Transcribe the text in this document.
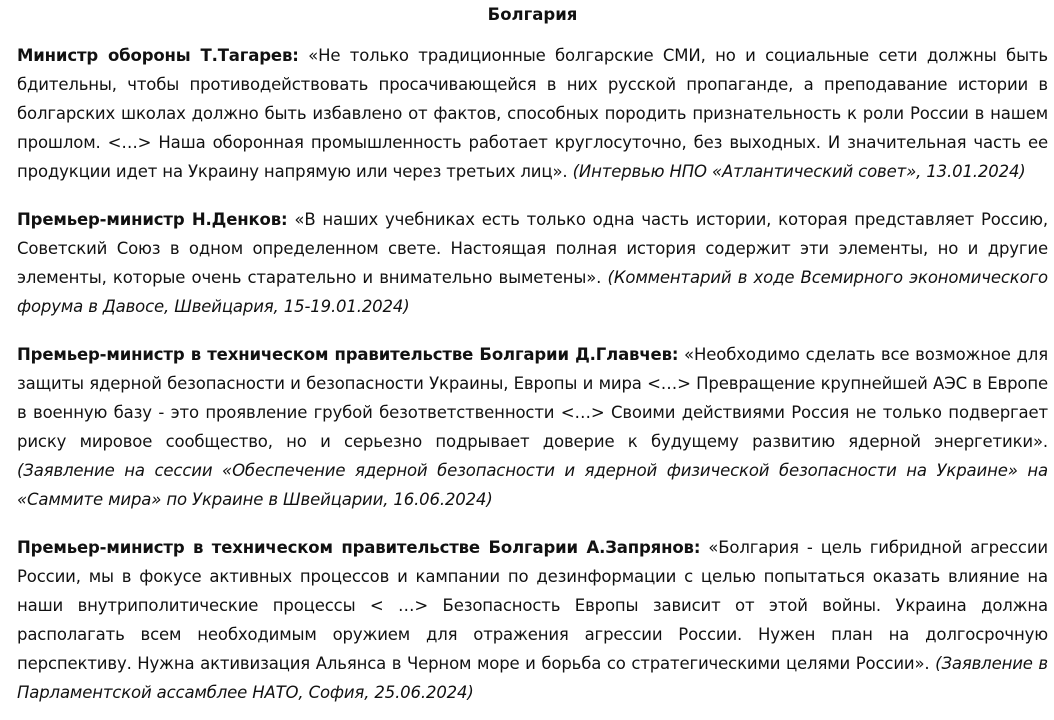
Болгария

Министр обороны Т.Тагарев: «Не только традиционные болгарские СМИ, но и социальные сети должны быть бдительны, чтобы противодействовать просачивающейся в них русской пропаганде, а преподавание истории в болгарских школах должно быть избавлено от фактов, способных породить признательность к роли России в нашем прошлом. <…> Наша оборонная промышленность работает круглосуточно, без выходных. И значительная часть ее продукции идет на Украину напрямую или через третьих лиц». (Интервью НПО «Атлантический совет», 13.01.2024)

Премьер-министр Н.Денков: «В наших учебниках есть только одна часть истории, которая представляет Россию, Советский Союз в одном определенном свете. Настоящая полная история содержит эти элементы, но и другие элементы, которые очень старательно и внимательно выметены». (Комментарий в ходе Всемирного экономического форума в Давосе, Швейцария, 15-19.01.2024)

Премьер-министр в техническом правительстве Болгарии Д.Главчев: «Необходимо сделать все возможное для защиты ядерной безопасности и безопасности Украины, Европы и мира <…> Превращение крупнейшей АЭС в Европе в военную базу - это проявление грубой безответственности <…> Своими действиями Россия не только подвергает риску мировое сообщество, но и серьезно подрывает доверие к будущему развитию ядерной энергетики». (Заявление на сессии «Обеспечение ядерной безопасности и ядерной физической безопасности на Украине» на «Саммите мира» по Украине в Швейцарии, 16.06.2024)

Премьер-министр в техническом правительстве Болгарии А.Запрянов: «Болгария - цель гибридной агрессии России, мы в фокусе активных процессов и кампании по дезинформации с целью попытаться оказать влияние на наши внутриполитические процессы < …> Безопасность Европы зависит от этой войны. Украина должна располагать всем необходимым оружием для отражения агрессии России. Нужен план на долгосрочную перспективу. Нужна активизация Альянса в Черном море и борьба со стратегическими целями России». (Заявление в Парламентской ассамблее НАТО, София, 25.06.2024)
